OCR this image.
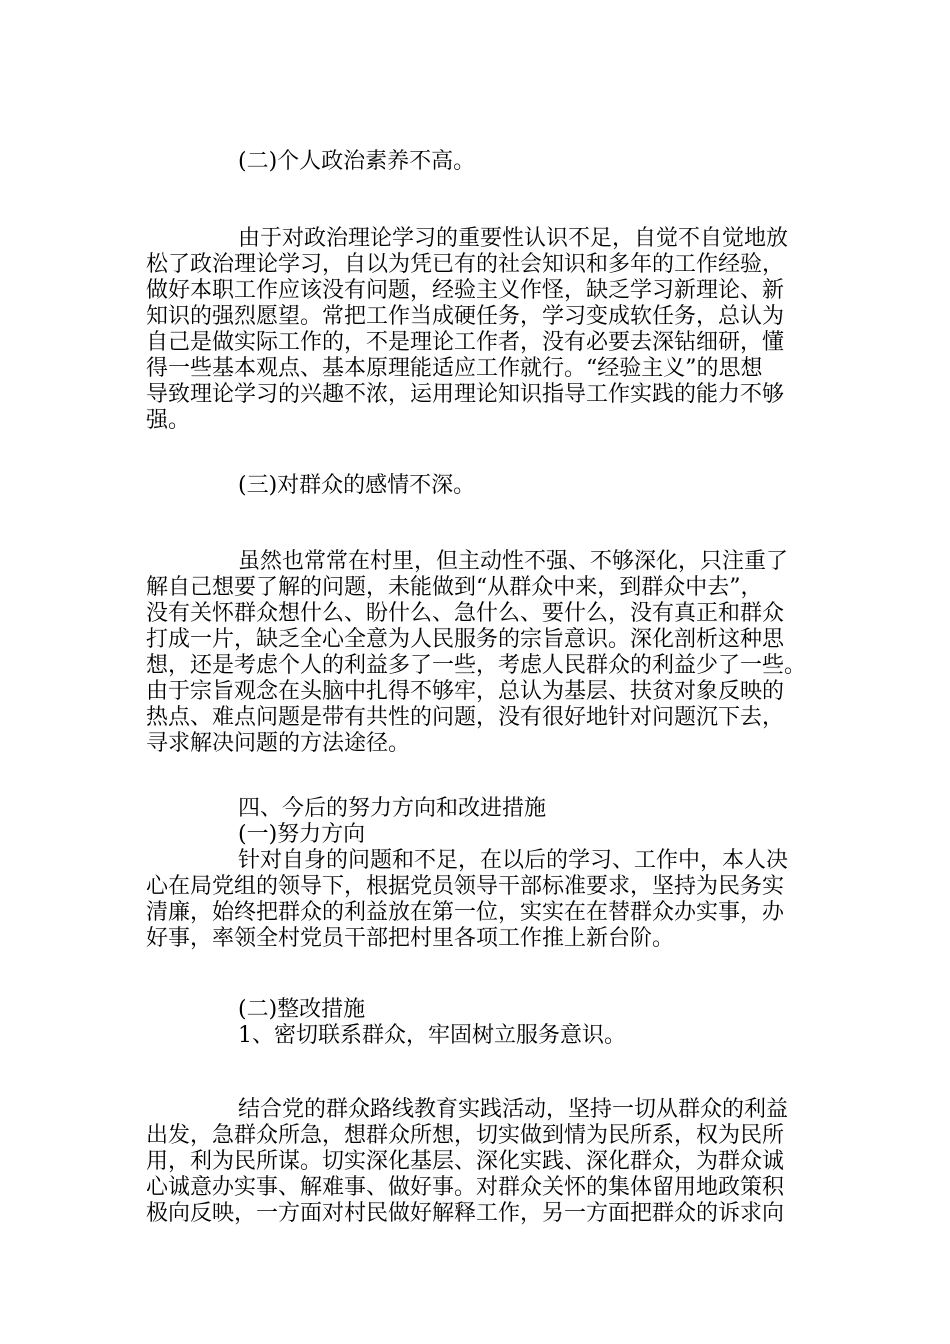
(二)个人政治素养不高。

由于对政治理论学习的重要性认识不足，自觉不自觉地放

松了政治理论学习，自以为凭已有的社会知识和多年的工作经验，

做好本职工作应该没有问题，经验主义作怪，缺乏学习新理论、新

知识的强烈愿望。常把工作当成硬任务，学习变成软任务，总认为

自己是做实际工作的，不是理论工作者，没有必要去深钻细研，懂

得一些基本观点、基本原理能适应工作就行。“经验主义”的思想

导致理论学习的兴趣不浓，运用理论知识指导工作实践的能力不够

强。

(三)对群众的感情不深。

虽然也常常在村里，但主动性不强、不够深化，只注重了

解自己想要了解的问题，未能做到“从群众中来，到群众中去”，

没有关怀群众想什么、盼什么、急什么、要什么，没有真正和群众

打成一片，缺乏全心全意为人民服务的宗旨意识。深化剖析这种思

想，还是考虑个人的利益多了一些，考虑人民群众的利益少了一些。

由于宗旨观念在头脑中扎得不够牢，总认为基层、扶贫对象反映的

热点、难点问题是带有共性的问题，没有很好地针对问题沉下去，

寻求解决问题的方法途径。

四、今后的努力方向和改进措施

(一)努力方向

针对自身的问题和不足，在以后的学习、工作中，本人决

心在局党组的领导下，根据党员领导干部标准要求，坚持为民务实

清廉，始终把群众的利益放在第一位，实实在在替群众办实事，办

好事，率领全村党员干部把村里各项工作推上新台阶。

(二)整改措施

1、密切联系群众，牢固树立服务意识。

结合党的群众路线教育实践活动，坚持一切从群众的利益

出发，急群众所急，想群众所想，切实做到情为民所系，权为民所

用，利为民所谋。切实深化基层、深化实践、深化群众，为群众诚

心诚意办实事、解难事、做好事。对群众关怀的集体留用地政策积

极向反映，一方面对村民做好解释工作，另一方面把群众的诉求向
